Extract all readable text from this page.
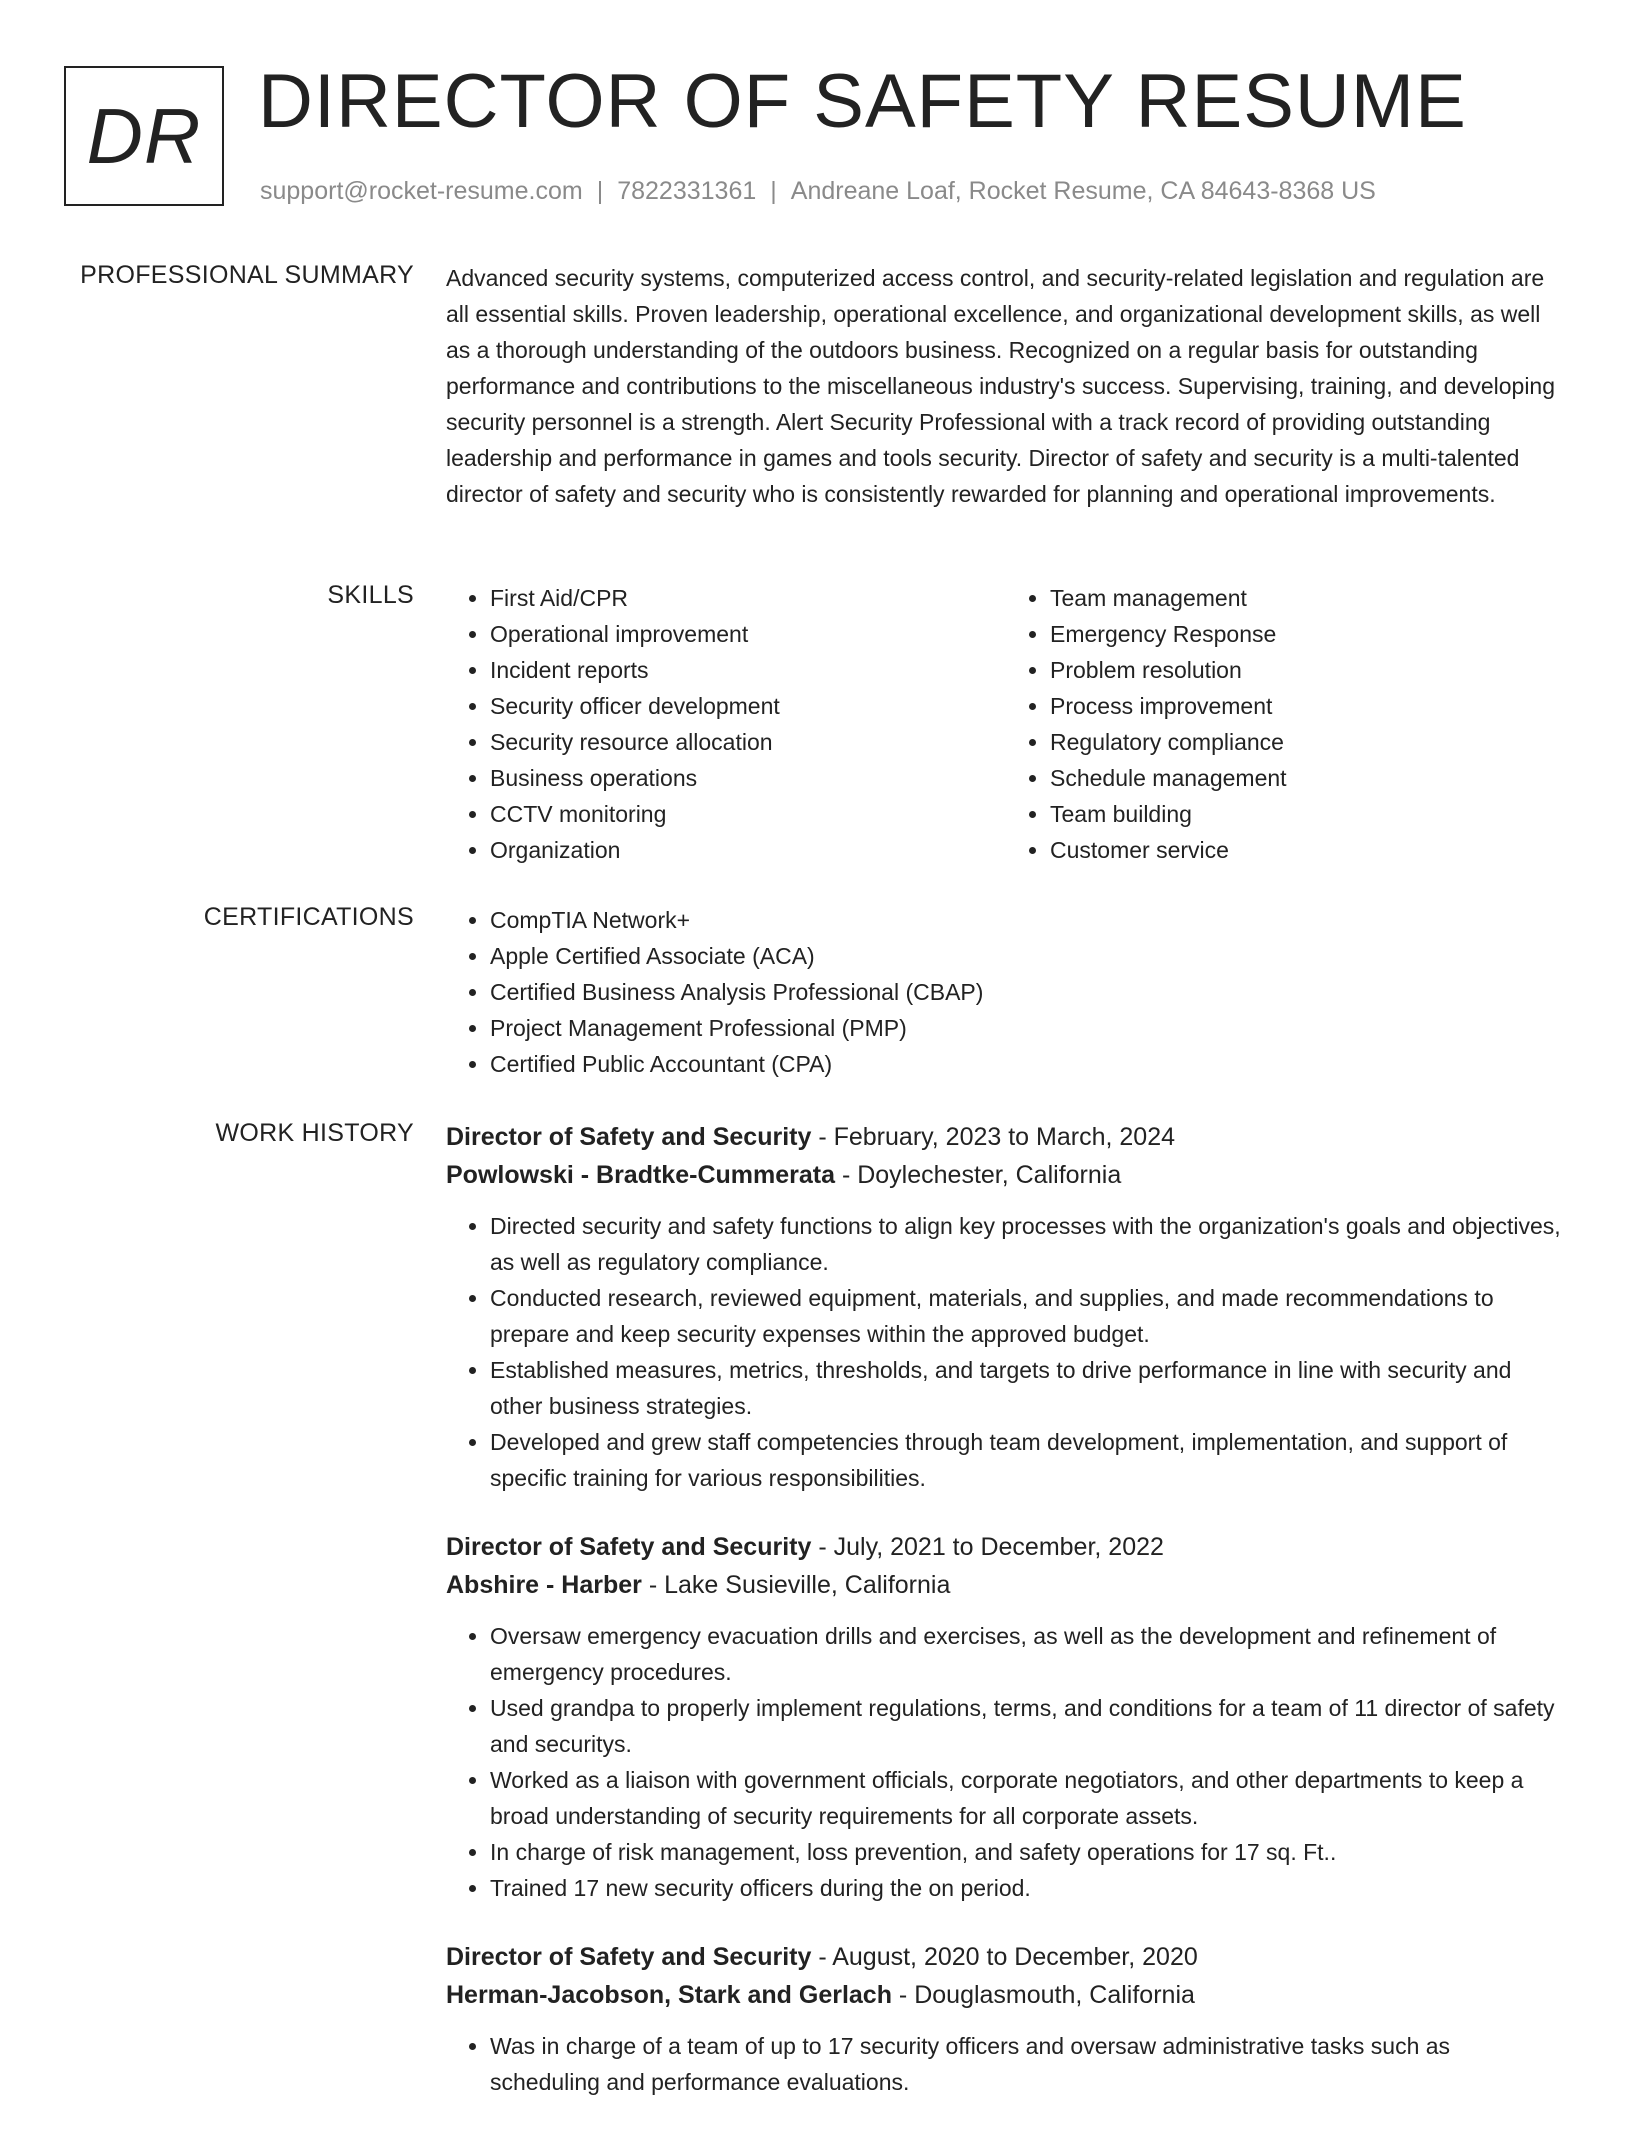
DR DIRECTOR OF SAFETY RESUME
support@rocket-resume.com | 7822331361 | Andreane Loaf, Rocket Resume, CA 84643-8368 US
PROFESSIONAL SUMMARY Advanced security systems, computerized access control, and security-related legislation and regulation are all essential skills. Proven leadership, operational excellence, and organizational development skills, as well as a thorough understanding of the outdoors business. Recognized on a regular basis for outstanding performance and contributions to the miscellaneous industry's success. Supervising, training, and developing security personnel is a strength. Alert Security Professional with a track record of providing outstanding leadership and performance in games and tools security. Director of safety and security is a multi-talented director of safety and security who is consistently rewarded for planning and operational improvements.

SKILLS	• First Aid/CPR
• Operational improvement
• Incident reports
• Security officer development
• Security resource allocation
• Business operations
• CCTV monitoring
• Organization
• Team management
• Emergency Response
• Problem resolution
• Process improvement
• Regulatory compliance
• Schedule management
• Team building
• Customer service
CERTIFICATIONS	• CompTIA Network+
• Apple Certified Associate (ACA)
• Certified Business Analysis Professional (CBAP)
• Project Management Professional (PMP)
• Certified Public Accountant (CPA)
WORK HISTORY Director of Safety and Security - February, 2023 to March, 2024
Powlowski - Bradtke-Cummerata - Doylechester, California
• Directed security and safety functions to align key processes with the organization's goals and objectives, as well as regulatory compliance.
• Conducted research, reviewed equipment, materials, and supplies, and made recommendations to prepare and keep security expenses within the approved budget.
• Established measures, metrics, thresholds, and targets to drive performance in line with security and other business strategies.
• Developed and grew staff competencies through team development, implementation, and support of specific training for various responsibilities.
Director of Safety and Security - July, 2021 to December, 2022
Abshire - Harber - Lake Susieville, California
• Oversaw emergency evacuation drills and exercises, as well as the development and refinement of emergency procedures.
• Used grandpa to properly implement regulations, terms, and conditions for a team of 11 director of safety and securitys.
• Worked as a liaison with government officials, corporate negotiators, and other departments to keep a broad understanding of security requirements for all corporate assets.
• In charge of risk management, loss prevention, and safety operations for 17 sq. Ft..
• Trained 17 new security officers during the on period.
Director of Safety and Security - August, 2020 to December, 2020
Herman-Jacobson, Stark and Gerlach - Douglasmouth, California
• Was in charge of a team of up to 17 security officers and oversaw administrative tasks such as scheduling and performance evaluations.
